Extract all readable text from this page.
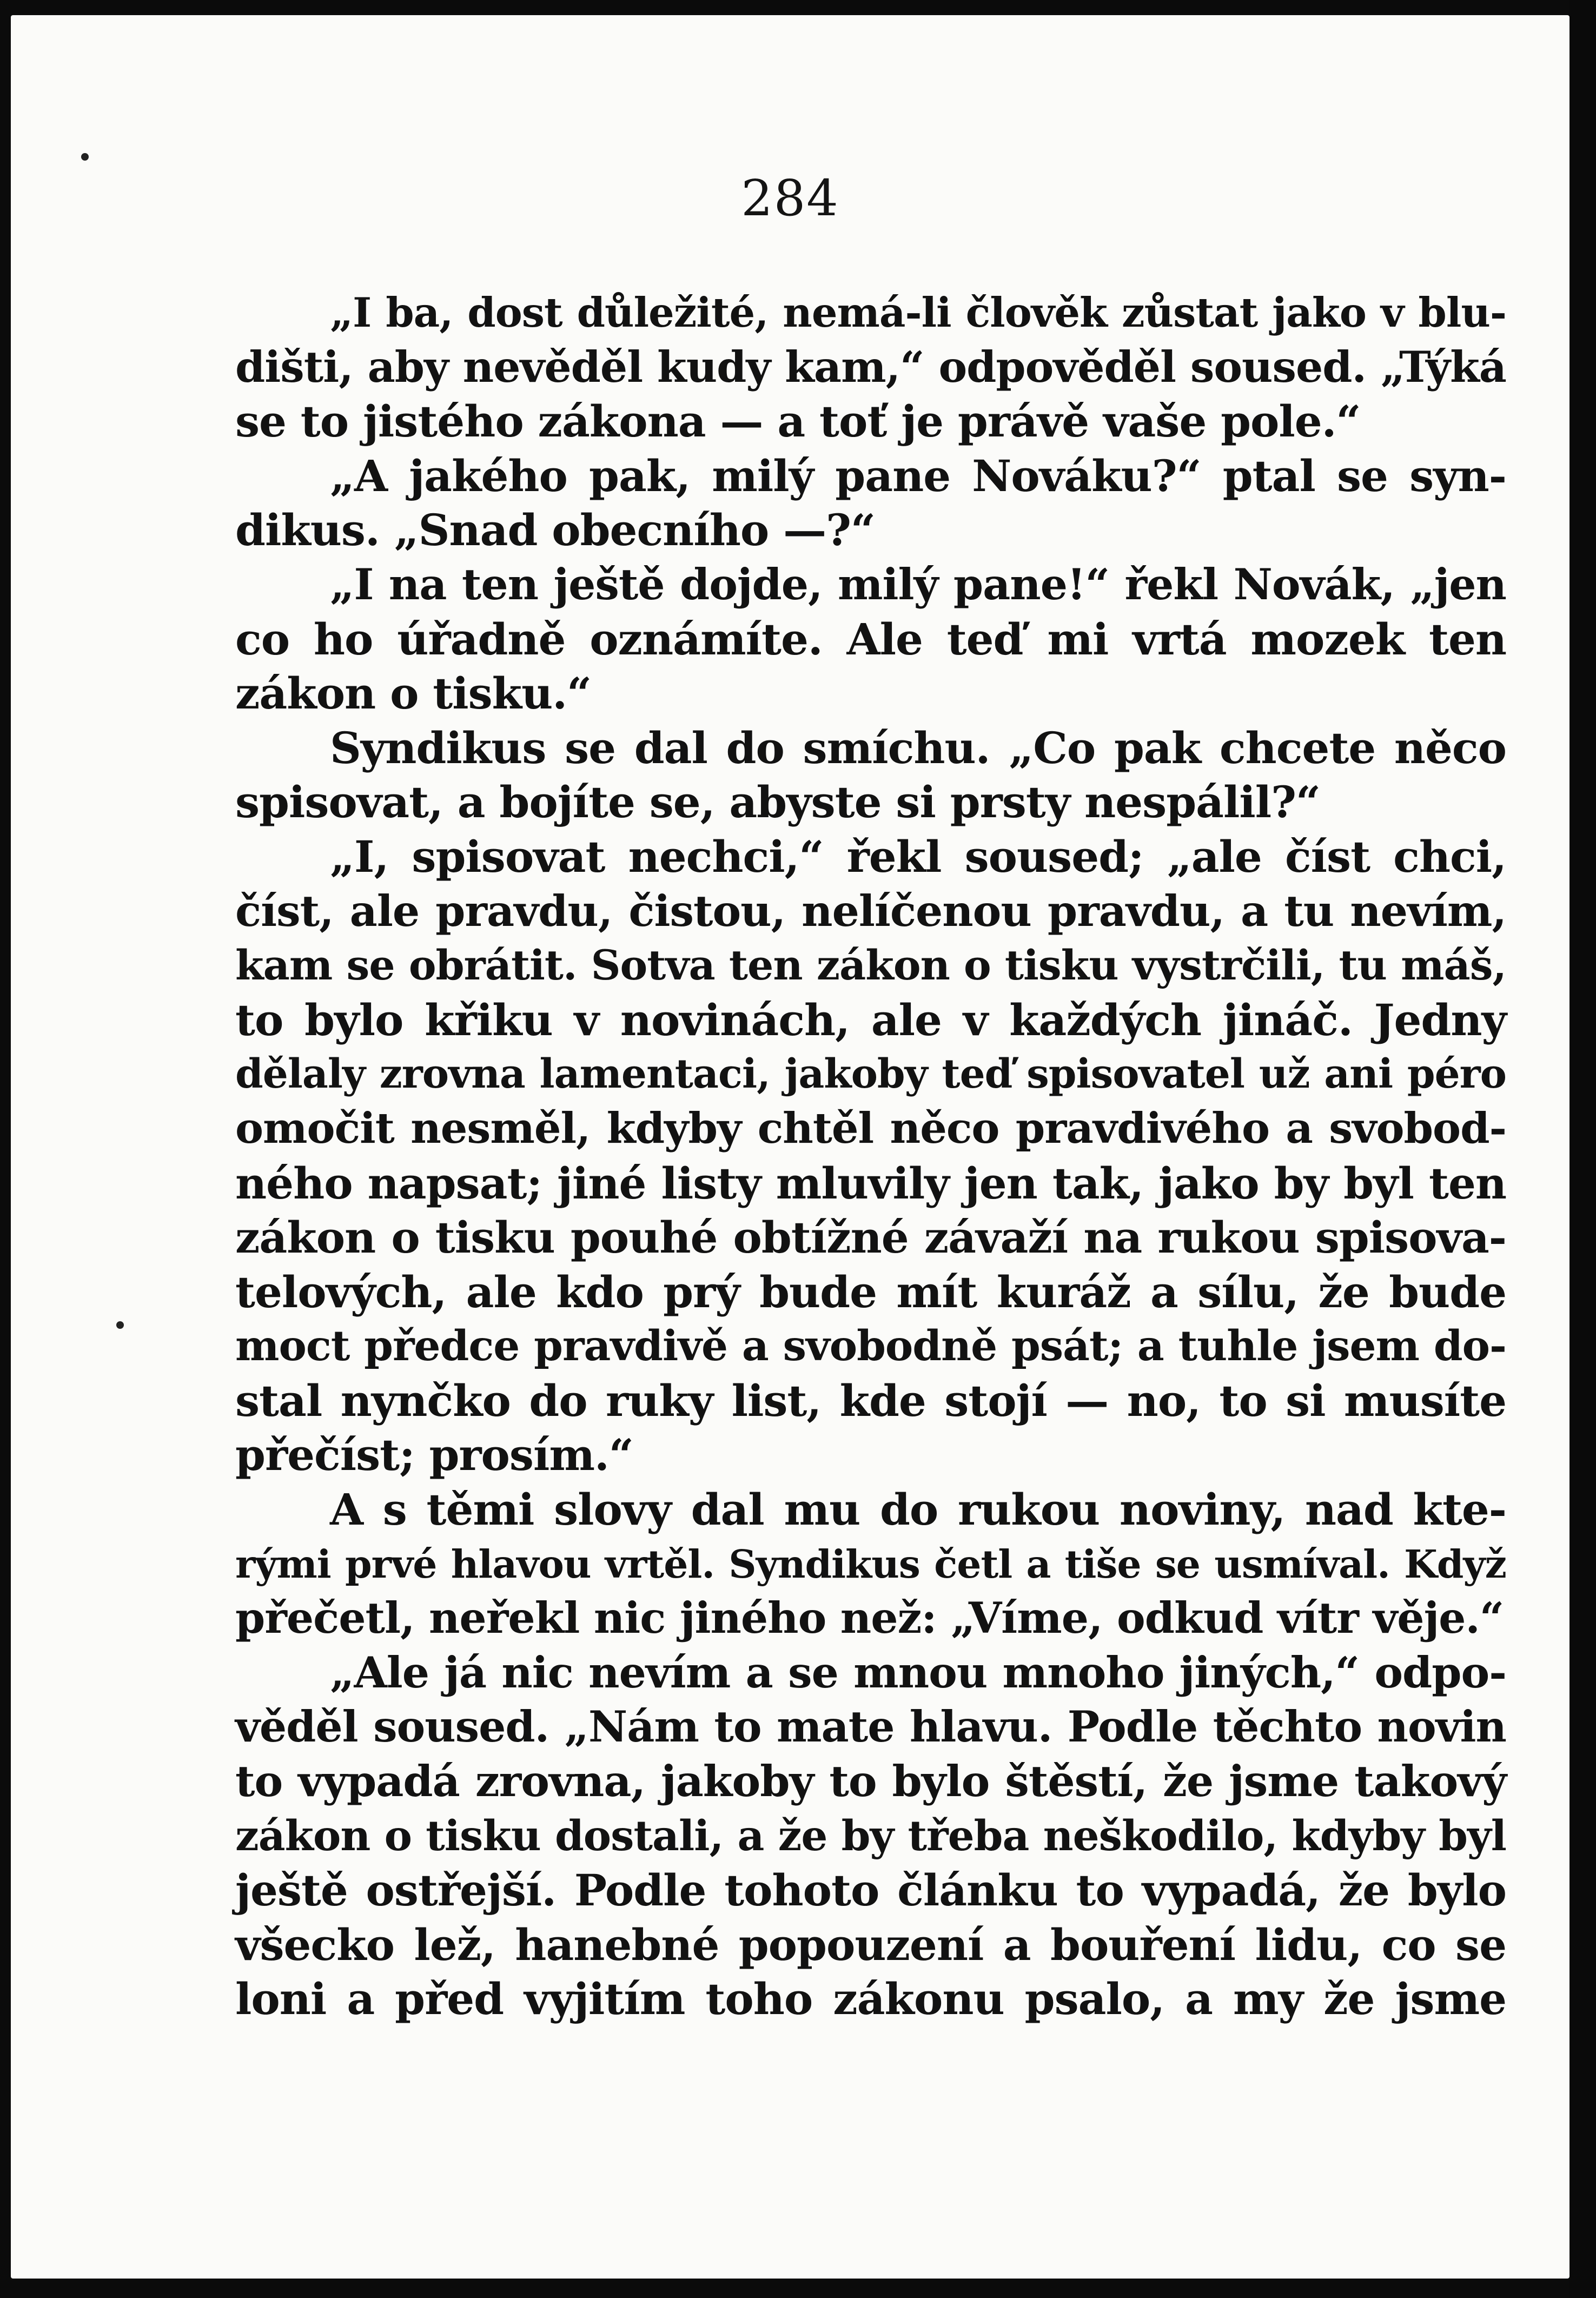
284
„I ba, dost důležité, nemá-li člověk zůstat jako v blu-
dišti, aby nevěděl kudy kam,“ odpověděl soused. „Týká
se to jistého zákona — a toť je právě vaše pole.“
„A jakého pak, milý pane Nováku?“ ptal se syn-
dikus. „Snad obecního —?“
„I na ten ještě dojde, milý pane!“ řekl Novák, „jen
co ho úřadně oznámíte. Ale teď mi vrtá mozek ten
zákon o tisku.“
Syndikus se dal do smíchu. „Co pak chcete něco
spisovat, a bojíte se, abyste si prsty nespálil?“
„I, spisovat nechci,“ řekl soused; „ale číst chci,
číst, ale pravdu, čistou, nelíčenou pravdu, a tu nevím,
kam se obrátit. Sotva ten zákon o tisku vystrčili, tu máš,
to bylo křiku v novinách, ale v každých jináč. Jedny
dělaly zrovna lamentaci, jakoby teď spisovatel už ani péro
omočit nesměl, kdyby chtěl něco pravdivého a svobod-
ného napsat; jiné listy mluvily jen tak, jako by byl ten
zákon o tisku pouhé obtížné závaží na rukou spisova-
telových, ale kdo prý bude mít kuráž a sílu, že bude
moct předce pravdivě a svobodně psát; a tuhle jsem do-
stal nynčko do ruky list, kde stojí — no, to si musíte
přečíst; prosím.“
A s těmi slovy dal mu do rukou noviny, nad kte-
rými prvé hlavou vrtěl. Syndikus četl a tiše se usmíval. Když
přečetl, neřekl nic jiného než: „Víme, odkud vítr věje.“
„Ale já nic nevím a se mnou mnoho jiných,“ odpo-
věděl soused. „Nám to mate hlavu. Podle těchto novin
to vypadá zrovna, jakoby to bylo štěstí, že jsme takový
zákon o tisku dostali, a že by třeba neškodilo, kdyby byl
ještě ostřejší. Podle tohoto článku to vypadá, že bylo
všecko lež, hanebné popouzení a bouření lidu, co se
loni a před vyjitím toho zákonu psalo, a my že jsme
